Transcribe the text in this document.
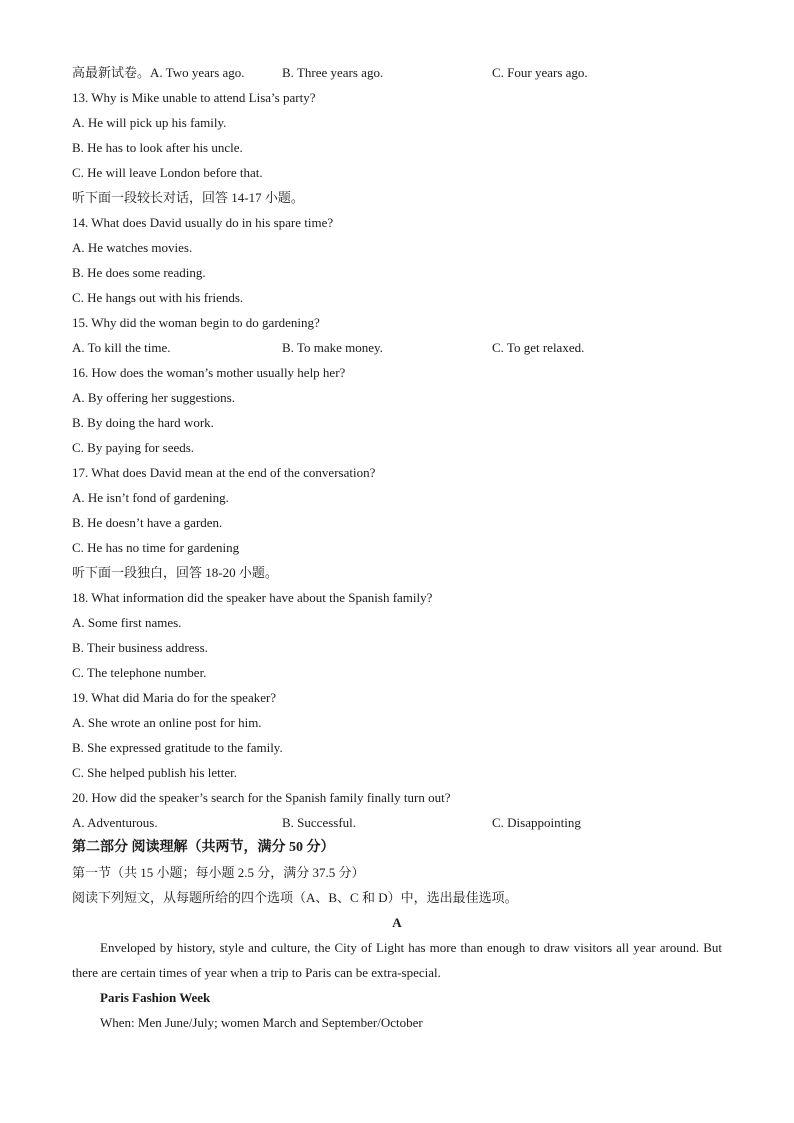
高最新试卷。A. Two years ago.	B. Three years ago.	C. Four years ago.
13. Why is Mike unable to attend Lisa’s party?
A. He will pick up his family.
B. He has to look after his uncle.
C. He will leave London before that.
听下面一段较长对话，回答 14-17 小题。
14. What does David usually do in his spare time?
A. He watches movies.
B. He does some reading.
C. He hangs out with his friends.
15. Why did the woman begin to do gardening?
A. To kill the time.	B. To make money.	C. To get relaxed.
16. How does the woman’s mother usually help her?
A. By offering her suggestions.
B. By doing the hard work.
C. By paying for seeds.
17. What does David mean at the end of the conversation?
A. He isn’t fond of gardening.
B. He doesn’t have a garden.
C. He has no time for gardening
听下面一段独白，回答 18-20 小题。
18. What information did the speaker have about the Spanish family?
A. Some first names.
B. Their business address.
C. The telephone number.
19. What did Maria do for the speaker?
A. She wrote an online post for him.
B. She expressed gratitude to the family.
C. She helped publish his letter.
20. How did the speaker’s search for the Spanish family finally turn out?
A. Adventurous.	B. Successful.	C. Disappointing
第二部分 阅读理解（共两节，满分 50 分）
第一节（共 15 小题；每小题 2.5 分，满分 37.5 分）
阅读下列短文，从每题所给的四个选项（A、B、C 和 D）中，选出最佳选项。
A
Enveloped by history, style and culture, the City of Light has more than enough to draw visitors all year around. But there are certain times of year when a trip to Paris can be extra-special.
Paris Fashion Week
When: Men June/July; women March and September/October
